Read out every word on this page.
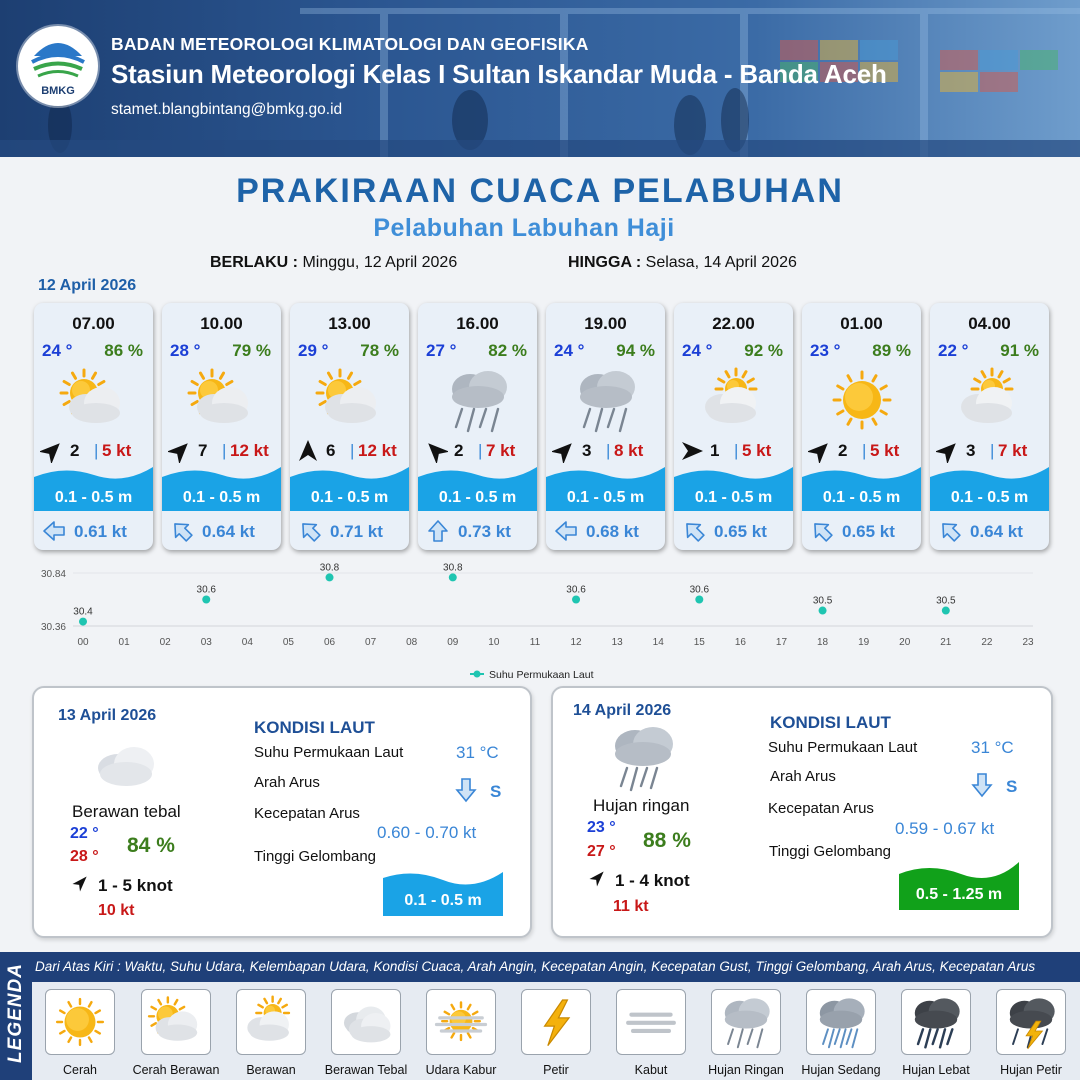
BMKG
BADAN METEOROLOGI KLIMATOLOGI DAN GEOFISIKA
Stasiun Meteorologi Kelas I Sultan Iskandar Muda - Banda Aceh
stamet.blangbintang@bmkg.go.id
PRAKIRAAN CUACA PELABUHAN
Pelabuhan Labuhan Haji
BERLAKU : Minggu, 12 April 2026	HINGGA : Selasa, 14 April 2026
12 April 2026
07.00
24 ° 86 %
2 | 5 kt
0.1 - 0.5 m
0.61 kt
10.00
28 ° 79 %
7 | 12 kt
0.1 - 0.5 m
0.64 kt
13.00
29 ° 78 %
6 | 12 kt
0.1 - 0.5 m
0.71 kt
16.00
27 ° 82 %
2 | 7 kt
0.1 - 0.5 m
0.73 kt
19.00
24 ° 94 %
3 | 8 kt
0.1 - 0.5 m
0.68 kt
22.00
24 ° 92 %
1 | 5 kt
0.1 - 0.5 m
0.65 kt
01.00
23 ° 89 %
2 | 5 kt
0.1 - 0.5 m
0.65 kt
04.00
22 ° 91 %
3 | 7 kt
0.1 - 0.5 m
0.64 kt
30.84
30.36
00	01	02	03	04	05	06	07	08	09	10	11	12	13	14	15	16	17	18	19	20	21	22	23
30.4
30.6
30.8	30.8
30.6	30.6
30.5	30.5
Suhu Permukaan Laut
13 April 2026
Berawan tebal
22 °
28 ° 84 %
1 - 5 knot
10 kt
KONDISI LAUT
Suhu Permukaan Laut	31 °C
Arah Arus	S
Kecepatan Arus
0.60 - 0.70 kt
Tinggi Gelombang
0.1 - 0.5 m
14 April 2026
Hujan ringan
23 °
27 ° 88 %
1 - 4 knot
11 kt
KONDISI LAUT
Suhu Permukaan Laut	31 °C
Arah Arus
S
Kecepatan Arus
0.59 - 0.67 kt
Tinggi Gelombang
0.5 - 1.25 m
LEGENDA Dari Atas Kiri : Waktu, Suhu Udara, Kelembapan Udara, Kondisi Cuaca, Arah Angin, Kecepatan Angin, Kecepatan Gust, Tinggi Gelombang, Arah Arus, Kecepatan Arus
Cerah	Cerah Berawan	Berawan	Berawan Tebal	Udara Kabur	Petir	Kabut	Hujan Ringan	Hujan Sedang	Hujan Lebat	Hujan Petir
